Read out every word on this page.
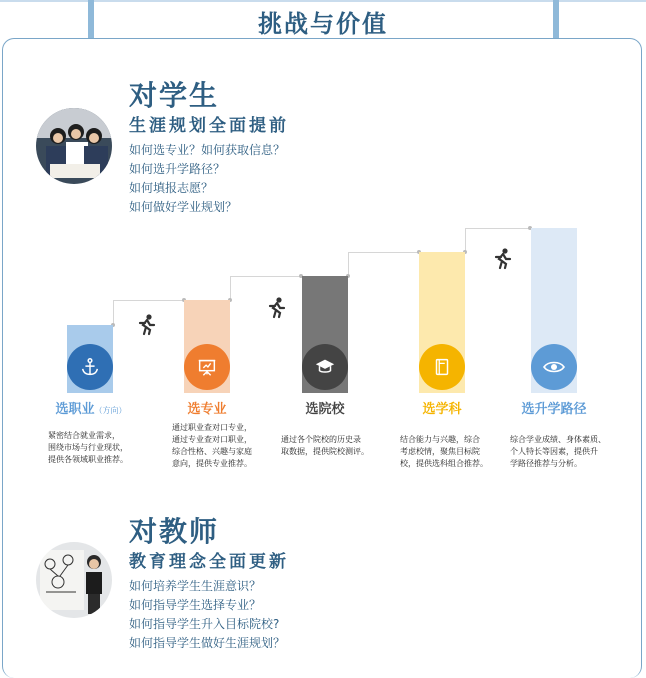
挑战与价值
对学生
生涯规划全面提前
如何选专业？如何获取信息？
如何选升学路径？
如何填报志愿？
如何做好学业规划？
选职业（方向）	选专业	选院校	选学科	选升学路径
紧密结合就业需求，
围绕市场与行业现状，
提供各领域职业推荐。
通过职业查对口专业，
通过专业查对口职业，
综合性格、兴趣与家庭
意向，提供专业推荐。
通过各个院校的历史录
取数据，提供院校测评。
结合能力与兴趣，综合
考虑校情，聚焦目标院
校，提供选科组合推荐。
综合学业成绩、身体素质、
个人特长等因素，提供升
学路径推荐与分析。
对教师
教育理念全面更新
如何培养学生生涯意识？
如何指导学生选择专业？
如何指导学生升入目标院校?
如何指导学生做好生涯规划？
